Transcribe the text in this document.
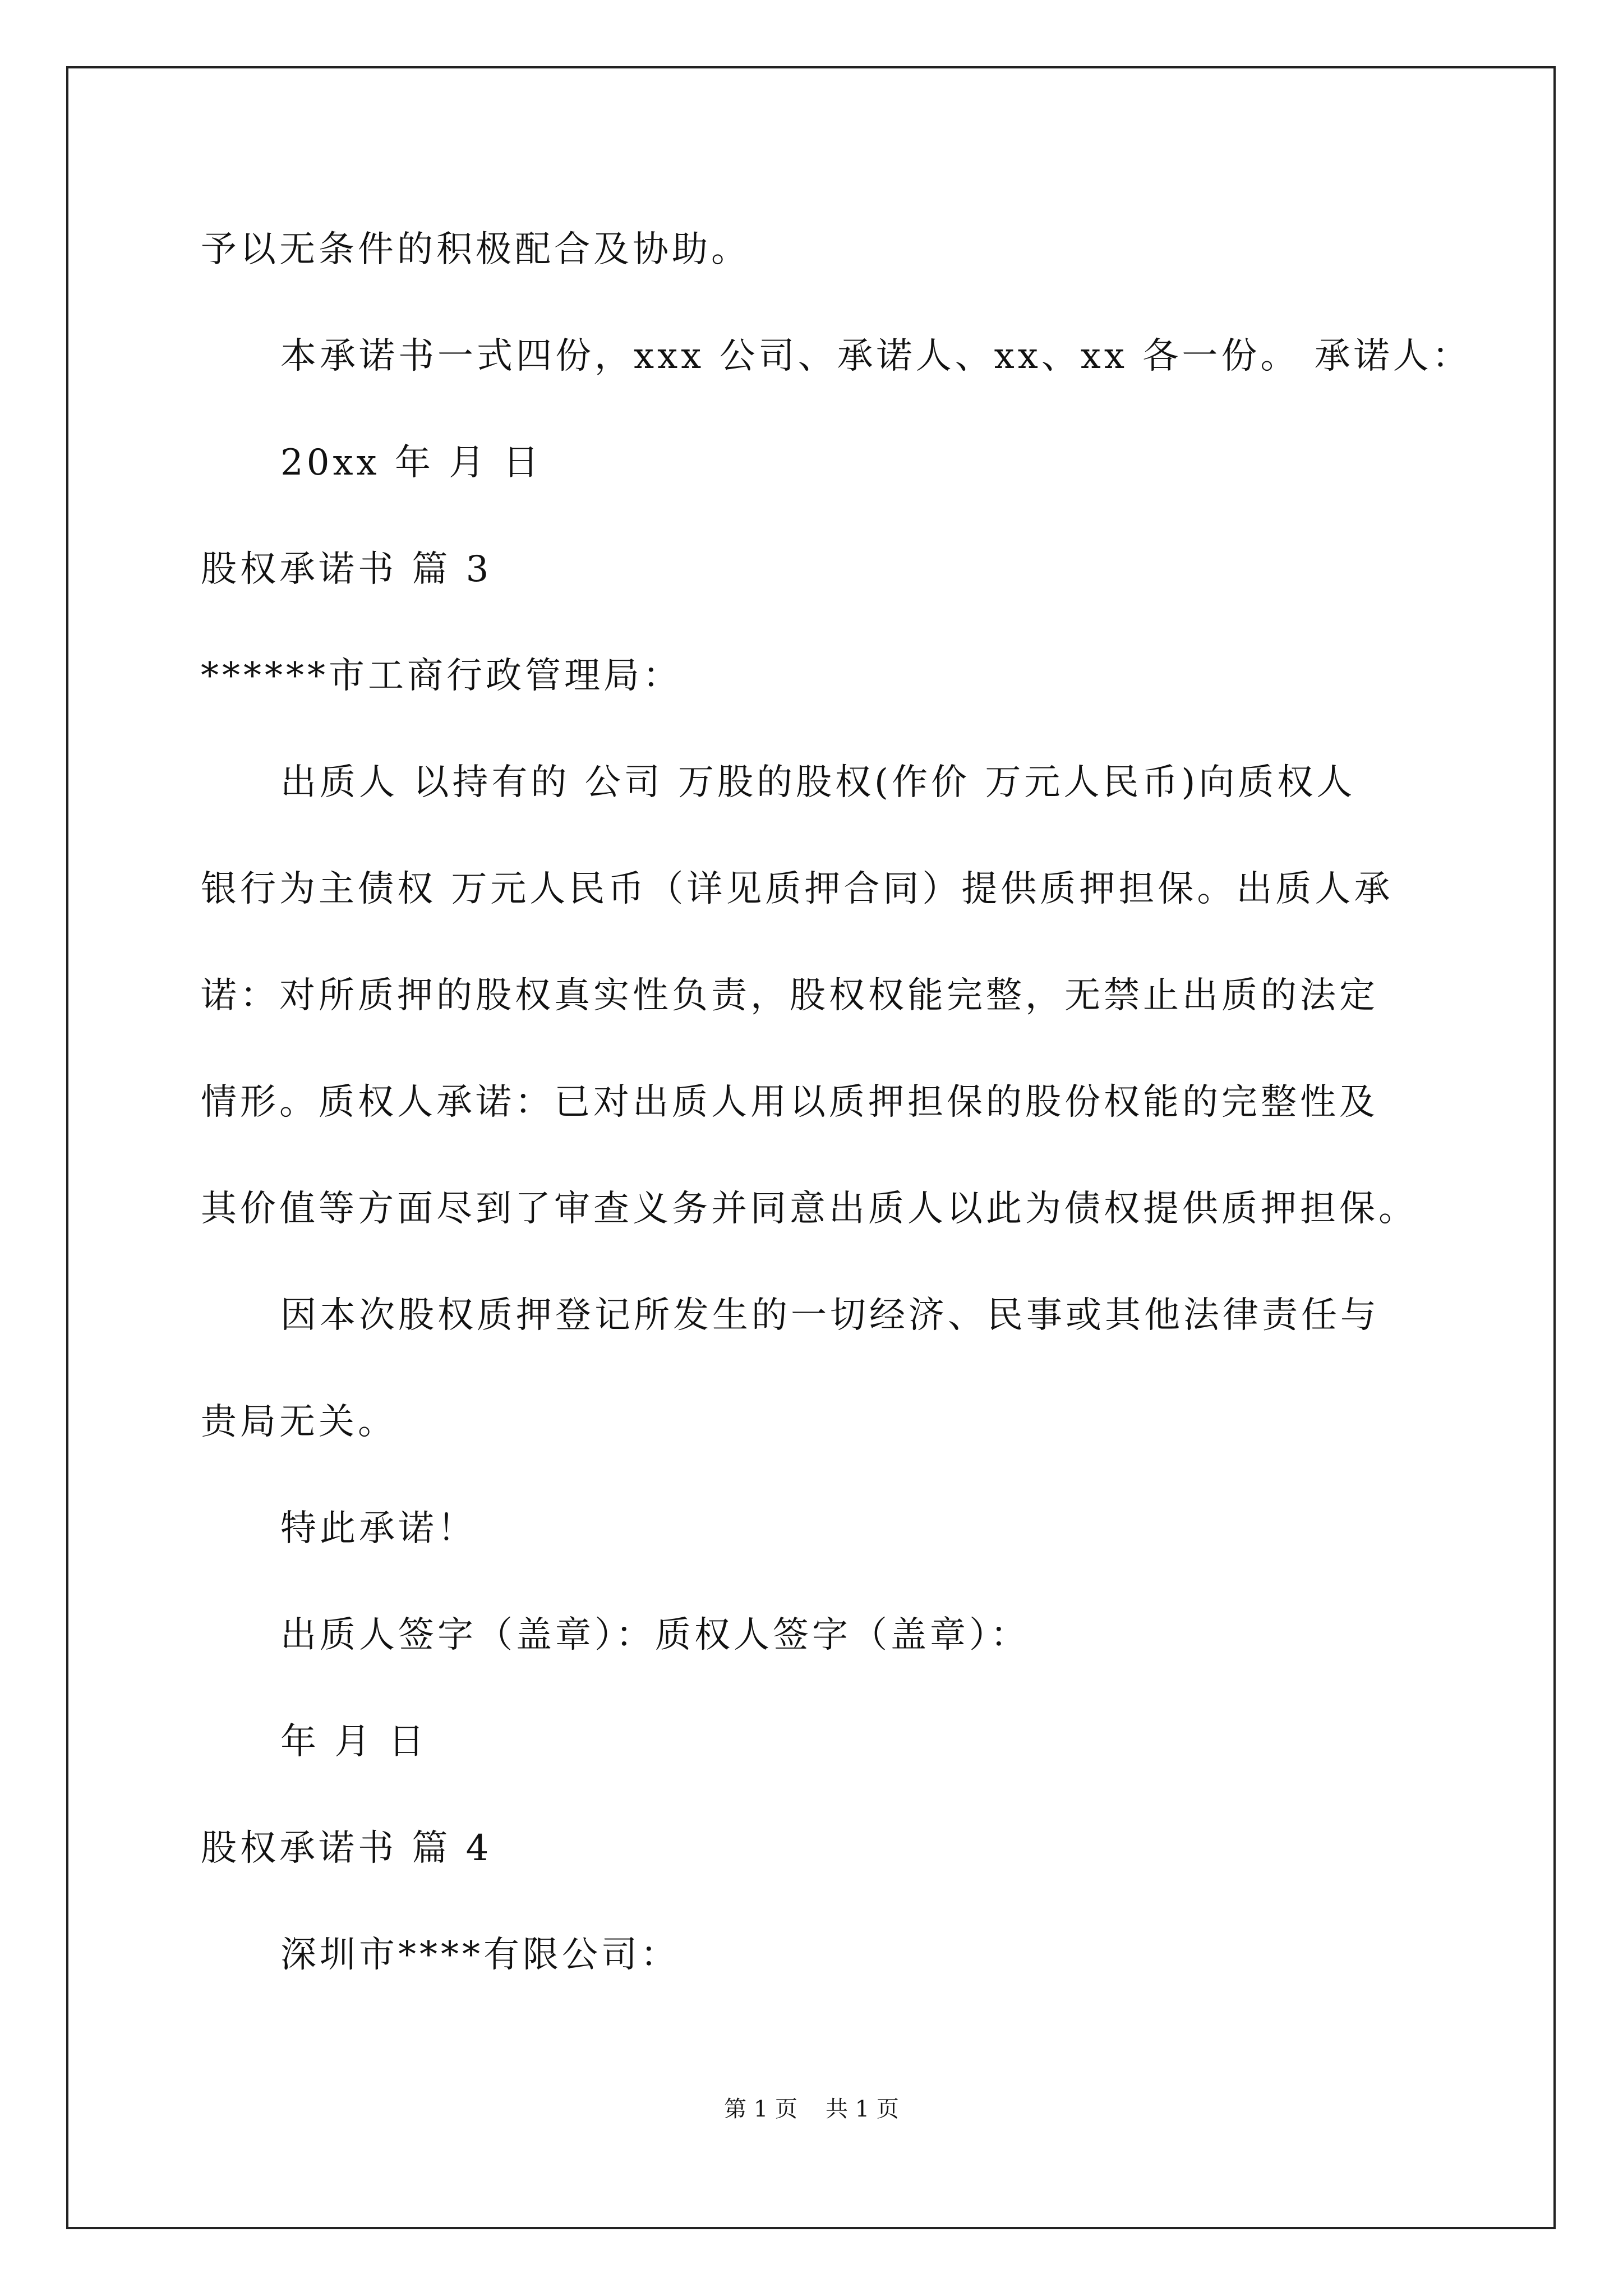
予以无条件的积极配合及协助。
本承诺书一式四份，xxx 公司、承诺人、xx、xx 各一份。 承诺人：
20xx 年 月 日
股权承诺书 篇 3
******市工商行政管理局：
出质人 以持有的 公司 万股的股权(作价 万元人民币)向质权人
银行为主债权 万元人民币（详见质押合同）提供质押担保。出质人承
诺：对所质押的股权真实性负责，股权权能完整，无禁止出质的法定
情形。质权人承诺：已对出质人用以质押担保的股份权能的完整性及
其价值等方面尽到了审查义务并同意出质人以此为债权提供质押担保。
因本次股权质押登记所发生的一切经济、民事或其他法律责任与
贵局无关。
特此承诺！
出质人签字（盖章）：质权人签字（盖章）：
年 月 日
股权承诺书 篇 4
深圳市****有限公司：
第 1 页 共 1 页
